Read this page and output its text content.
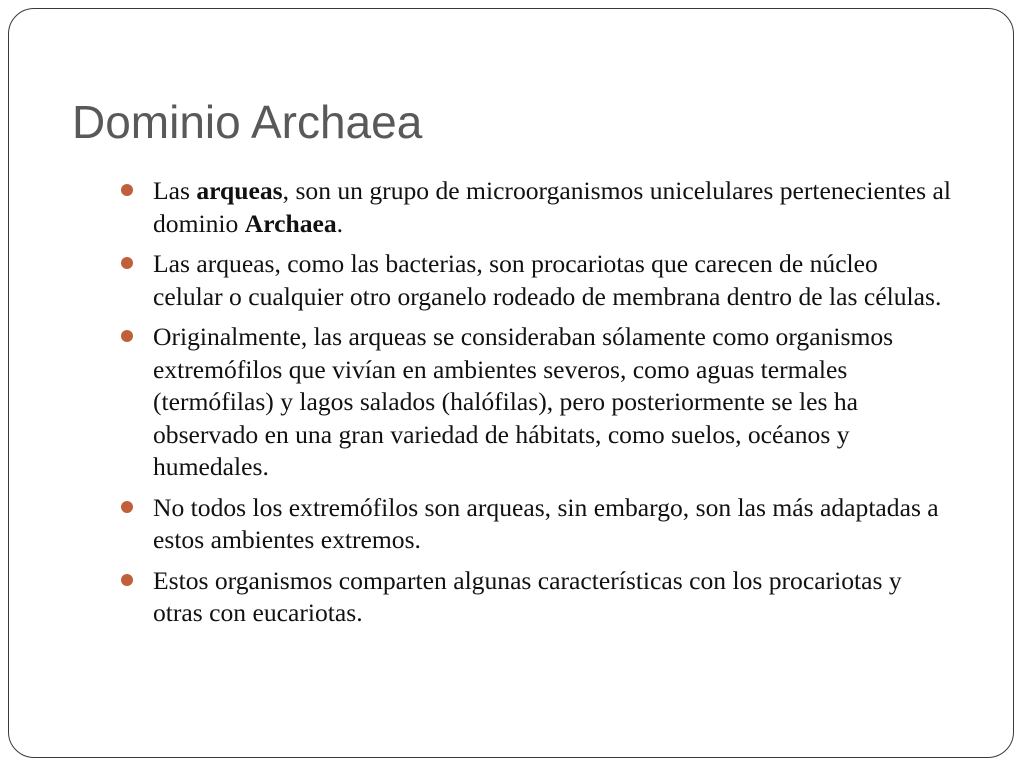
Dominio Archaea
Las arqueas, son un grupo de microorganismos unicelulares pertenecientes al dominio Archaea.
Las arqueas, como las bacterias, son procariotas que carecen de núcleo celular o cualquier otro organelo rodeado de membrana dentro de las células.
Originalmente, las arqueas se consideraban sólamente como organismos extremófilos que vivían en ambientes severos, como aguas termales (termófilas) y lagos salados (halófilas), pero posteriormente se les ha observado en una gran variedad de hábitats, como suelos, océanos y humedales.
No todos los extremófilos son arqueas, sin embargo, son las más adaptadas a estos ambientes extremos.
Estos organismos comparten algunas características con los procariotas y otras con eucariotas.
